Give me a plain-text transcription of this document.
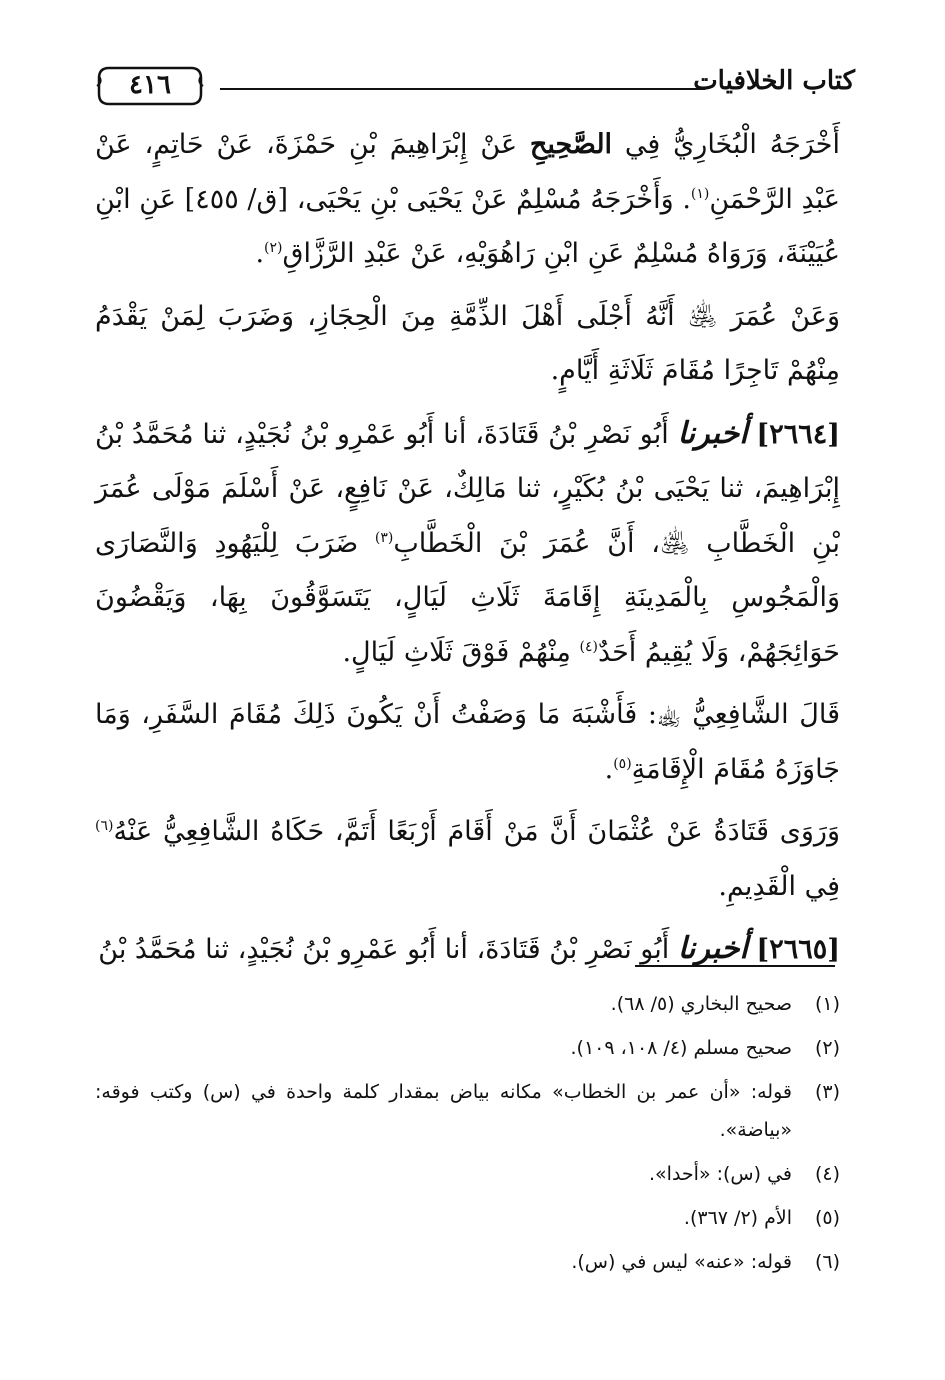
٤١٦	كتاب الخلافيات

أَخْرَجَهُ الْبُخَارِيُّ فِي الصَّحِيحِ عَنْ إِبْرَاهِيمَ بْنِ حَمْزَةَ، عَنْ حَاتِمٍ، عَنْ عَبْدِ الرَّحْمَنِ$^{(١)}$. وَأَخْرَجَهُ مُسْلِمٌ عَنْ يَحْيَى بْنِ يَحْيَى، [ق/ ٤٥٥] عَنِ ابْنِ عُيَيْنَةَ، وَرَوَاهُ مُسْلِمٌ عَنِ ابْنِ رَاهُوَيْهِ، عَنْ عَبْدِ الرَّزَّاقِ$^{(٢)}$.

وَعَنْ عُمَرَ ﵁ أَنَّهُ أَجْلَى أَهْلَ الذِّمَّةِ مِنَ الْحِجَازِ، وَضَرَبَ لِمَنْ يَقْدَمُ مِنْهُمْ تَاجِرًا مُقَامَ ثَلَاثَةِ أَيَّامٍ.

[٢٦٦٤] أخبرنا أَبُو نَصْرِ بْنُ قَتَادَةَ، أنا أَبُو عَمْرِو بْنُ نُجَيْدٍ، ثنا مُحَمَّدُ بْنُ إِبْرَاهِيمَ، ثنا يَحْيَى بْنُ بُكَيْرٍ، ثنا مَالِكٌ، عَنْ نَافِعٍ، عَنْ أَسْلَمَ مَوْلَى عُمَرَ بْنِ الْخَطَّابِ ﵁، أَنَّ عُمَرَ بْنَ الْخَطَّابِ$^{(٣)}$ ضَرَبَ لِلْيَهُودِ وَالنَّصَارَى وَالْمَجُوسِ بِالْمَدِينَةِ إِقَامَةَ ثَلَاثِ لَيَالٍ، يَتَسَوَّقُونَ بِهَا، وَيَقْضُونَ حَوَائِجَهُمْ، وَلَا يُقِيمُ أَحَدٌ$^{(٤)}$ مِنْهُمْ فَوْقَ ثَلَاثِ لَيَالٍ.

قَالَ الشَّافِعِيُّ ﵀: فَأَشْبَهَ مَا وَصَفْتُ أَنْ يَكُونَ ذَلِكَ مُقَامَ السَّفَرِ، وَمَا جَاوَزَهُ مُقَامَ الْإِقَامَةِ$^{(٥)}$.

وَرَوَى قَتَادَةُ عَنْ عُثْمَانَ أَنَّ مَنْ أَقَامَ أَرْبَعًا أَتَمَّ، حَكَاهُ الشَّافِعِيُّ عَنْهُ$^{(٦)}$ فِي الْقَدِيمِ.

[٢٦٦٥] أخبرنا أَبُو نَصْرِ بْنُ قَتَادَةَ، أنا أَبُو عَمْرِو بْنُ نُجَيْدٍ، ثنا مُحَمَّدُ بْنُ

(١)
صحيح البخاري (٥/ ٦٨).
(٢)
صحيح مسلم (٤/ ١٠٨، ١٠٩).
(٣)
قوله: «أن عمر بن الخطاب» مكانه بياض بمقدار كلمة واحدة في (س) وكتب فوقه: «بياضة».
(٤)
في (س): «أحدا».
(٥)
الأم (٢/ ٣٦٧).
(٦)
قوله: «عنه» ليس في (س).
